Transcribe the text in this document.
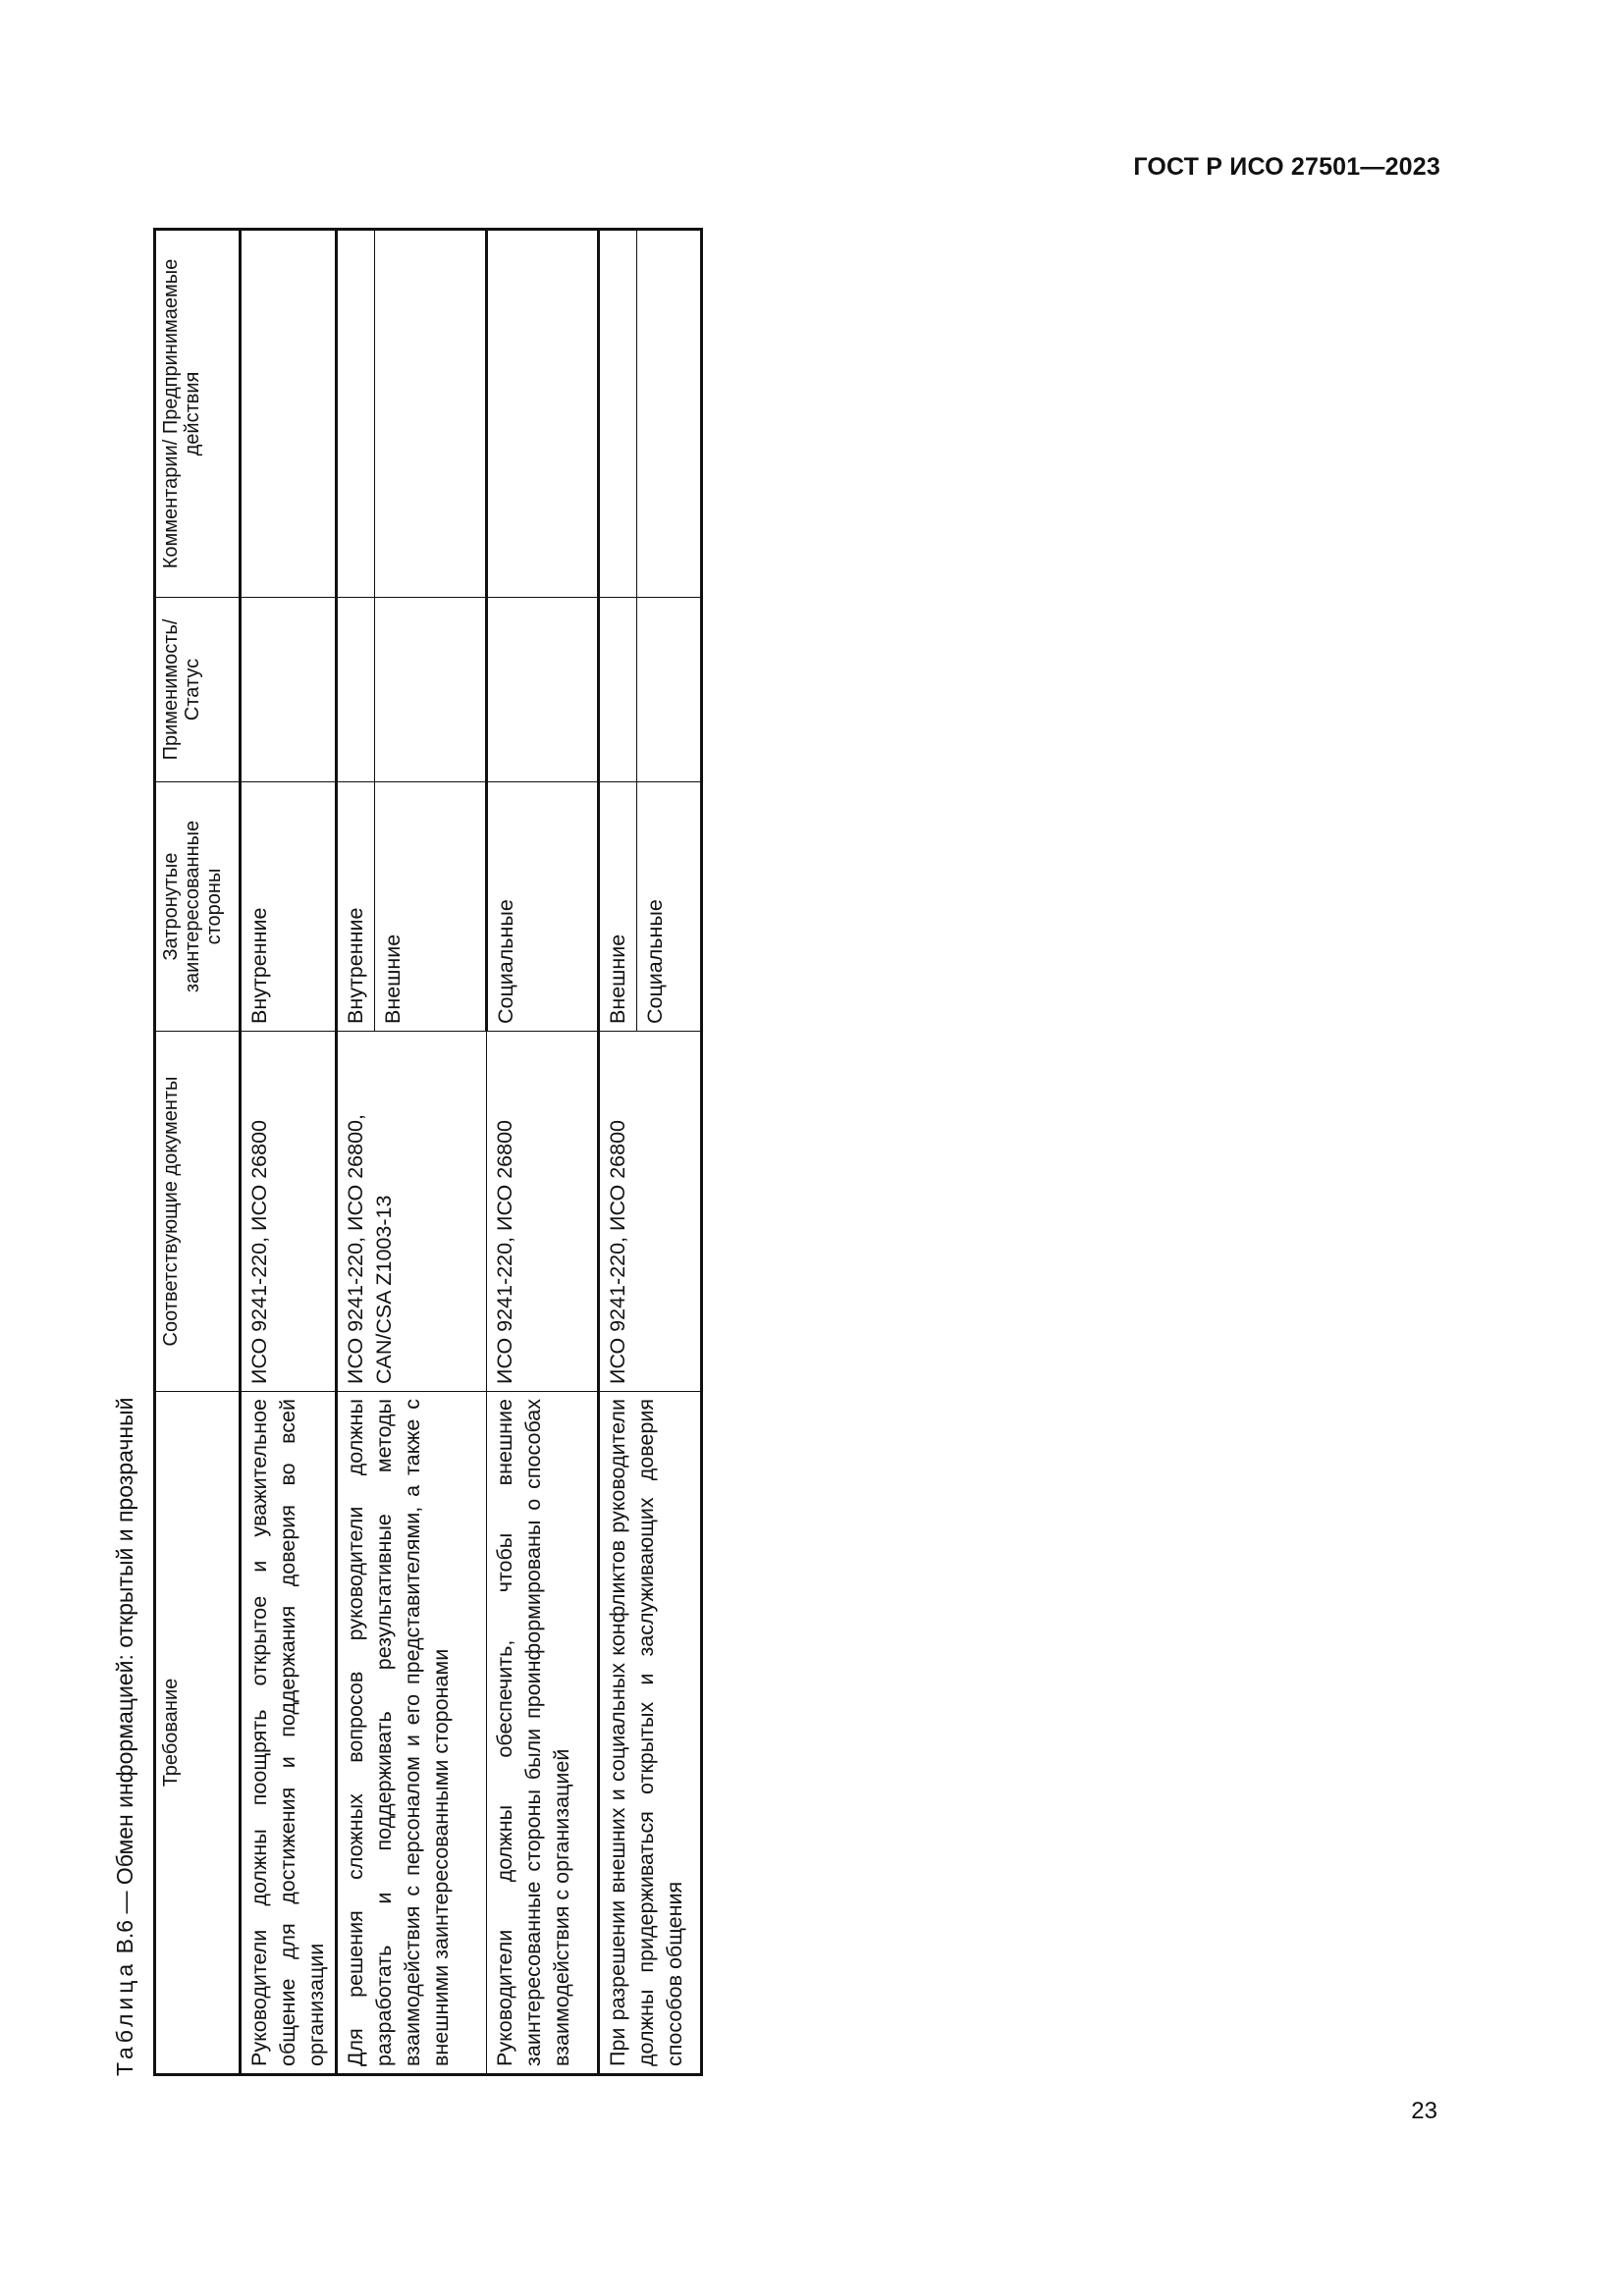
ГОСТ Р ИСО 27501—2023
Таблица В.6 — Обмен информацией: открытый и прозрачный Требование	Соответствующие документы	Затронутые заинтересованные стороны	Применимость/ Статус	Комментарии/ Предпринимаемые действия
Руководители должны поощрять открытое и уважительное общение для достижения и поддержания доверия во всей организации	ИСО 9241-220, ИСО 26800	Внутренние		
Для решения сложных вопросов руководители должны разработать и поддерживать результативные методы взаимодействия с персоналом и его представителями, а также с внешними заинтересованными сторонами	ИСО 9241-220, ИСО 26800, CAN/CSA Z1003-13	Внутренние		
		Внешние		
Руководители должны обеспечить, чтобы внешние заинтересованные стороны были проинформированы о способах взаимодействия с организацией	ИСО 9241-220, ИСО 26800	Социальные		
При разрешении внешних и социальных конфликтов руководители должны придерживаться открытых и заслуживающих доверия способов общения	ИСО 9241-220, ИСО 26800	Внешние		
		Социальные		
23
